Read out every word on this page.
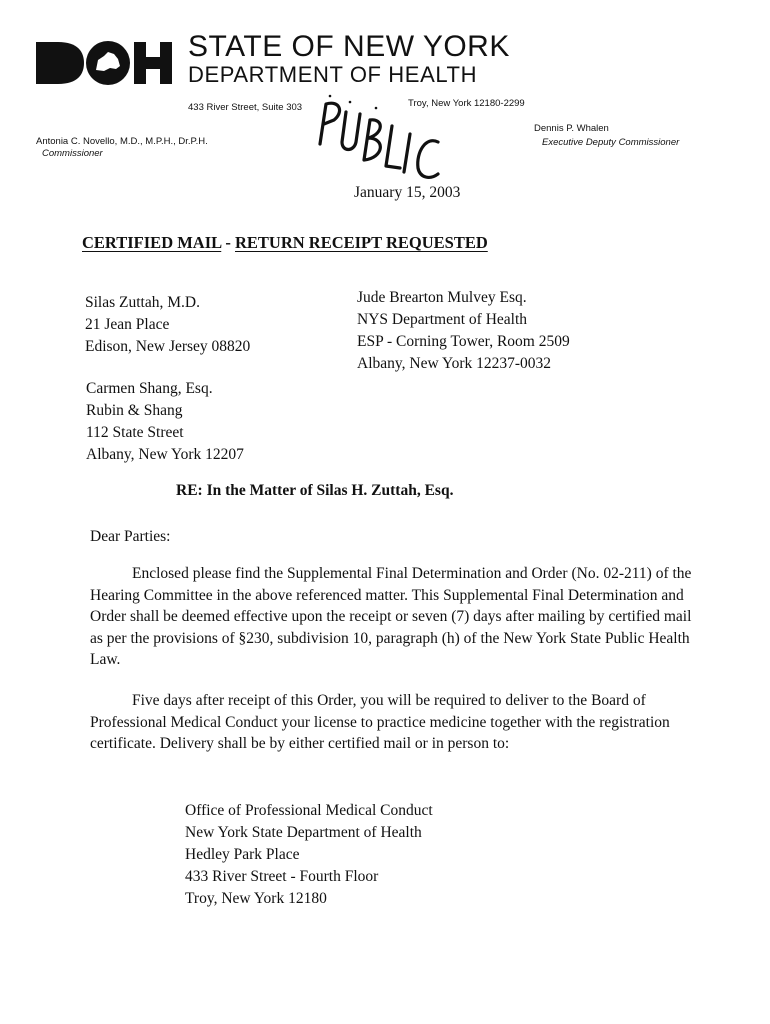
STATE OF NEW YORK
DEPARTMENT OF HEALTH
433 River Street, Suite 303	Troy, New York 12180-2299
Antonia C. Novello, M.D., M.P.H., Dr.P.H.
Commissioner
Dennis P. Whalen
Executive Deputy Commissioner
January 15, 2003
CERTIFIED MAIL - RETURN RECEIPT REQUESTED
Silas Zuttah, M.D.
21 Jean Place
Edison, New Jersey 08820
Jude Brearton Mulvey Esq.
NYS Department of Health
ESP - Corning Tower, Room 2509
Albany, New York 12237-0032
Carmen Shang, Esq.
Rubin & Shang
112 State Street
Albany, New York 12207
RE: In the Matter of Silas H. Zuttah, Esq.
Dear Parties:

Enclosed please find the Supplemental Final Determination and Order (No. 02-211) of the Hearing Committee in the above referenced matter. This Supplemental Final Determination and Order shall be deemed effective upon the receipt or seven (7) days after mailing by certified mail as per the provisions of §230, subdivision 10, paragraph (h) of the New York State Public Health Law.

Five days after receipt of this Order, you will be required to deliver to the Board of Professional Medical Conduct your license to practice medicine together with the registration certificate. Delivery shall be by either certified mail or in person to:

Office of Professional Medical Conduct
New York State Department of Health
Hedley Park Place
433 River Street - Fourth Floor
Troy, New York 12180
